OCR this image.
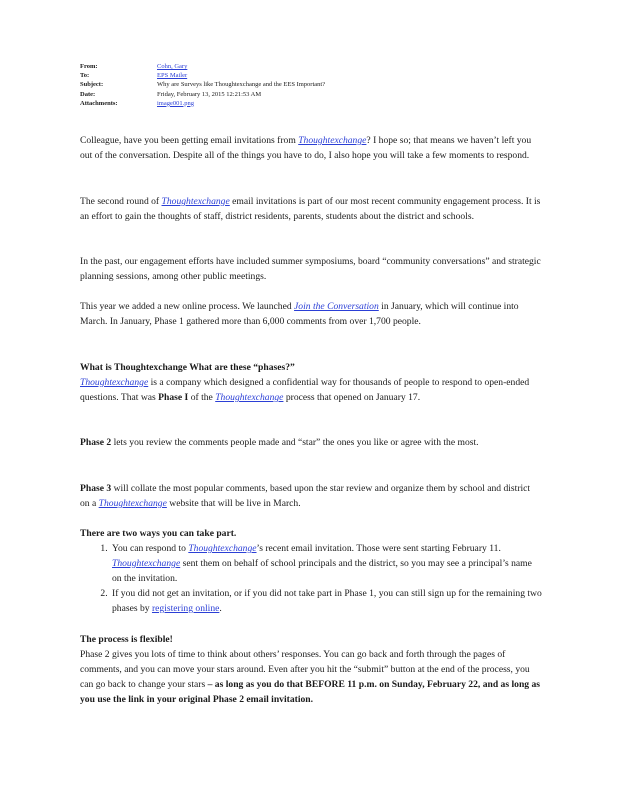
From:	Cohn, Gary
To:	EPS Mailer
Subject:	Why are Surveys like Thoughtexchange and the EES Important?
Date:	Friday, February 13, 2015 12:21:53 AM
Attachments:	image001.png

Colleague, have you been getting email invitations from Thoughtexchange? I hope so; that means we haven’t left you out of the conversation. Despite all of the things you have to do, I also hope you will take a few moments to respond.

The second round of Thoughtexchange email invitations is part of our most recent community engagement process. It is an effort to gain the thoughts of staff, district residents, parents, students about the district and schools.

In the past, our engagement efforts have included summer symposiums, board “community conversations” and strategic planning sessions, among other public meetings.

This year we added a new online process. We launched Join the Conversation in January, which will continue into March. In January, Phase 1 gathered more than 6,000 comments from over 1,700 people.

What is Thoughtexchange What are these “phases?”

Thoughtexchange is a company which designed a confidential way for thousands of people to respond to open-ended questions. That was Phase I of the Thoughtexchange process that opened on January 17.

Phase 2 lets you review the comments people made and “star” the ones you like or agree with the most.

Phase 3 will collate the most popular comments, based upon the star review and organize them by school and district on a Thoughtexchange website that will be live in March.

There are two ways you can take part.

1. You can respond to Thoughtexchange’s recent email invitation. Those were sent starting February 11. Thoughtexchange sent them on behalf of school principals and the district, so you may see a principal’s name on the invitation.
2. If you did not get an invitation, or if you did not take part in Phase 1, you can still sign up for the remaining two phases by registering online.

The process is flexible!

Phase 2 gives you lots of time to think about others’ responses. You can go back and forth through the pages of comments, and you can move your stars around. Even after you hit the “submit” button at the end of the process, you can go back to change your stars – as long as you do that BEFORE 11 p.m. on Sunday, February 22, and as long as you use the link in your original Phase 2 email invitation.
